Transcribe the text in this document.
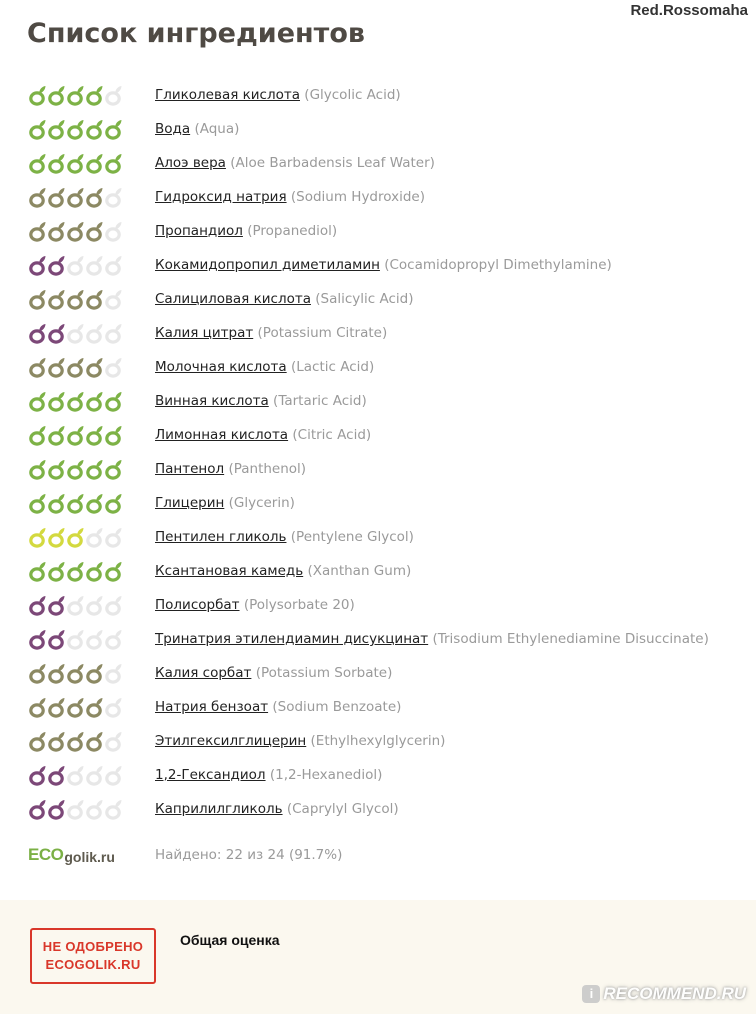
Red.Rossomaha
Список ингредиентов
Гликолевая кислота (Glycolic Acid)
Вода (Aqua)
Алоэ вера (Aloe Barbadensis Leaf Water)
Гидроксид натрия (Sodium Hydroxide)
Пропандиол (Propanediol)
Кокамидопропил диметиламин (Cocamidopropyl Dimethylamine)
Салициловая кислота (Salicylic Acid)
Калия цитрат (Potassium Citrate)
Молочная кислота (Lactic Acid)
Винная кислота (Tartaric Acid)
Лимонная кислота (Citric Acid)
Пантенол (Panthenol)
Глицерин (Glycerin)
Пентилен гликоль (Pentylene Glycol)
Ксантановая камедь (Xanthan Gum)
Полисорбат (Polysorbate 20)
Тринатрия этилендиамин дисукцинат (Trisodium Ethylenediamine Disuccinate)
Калия сорбат (Potassium Sorbate)
Натрия бензоат (Sodium Benzoate)
Этилгексилглицерин (Ethylhexylglycerin)
1,2-Гександиол (1,2-Hexanediol)
Каприлилгликоль (Caprylyl Glycol)
ECO golik.ru	Найдено: 22 из 24 (91.7%)
НЕ ОДОБРЕНО
ECOGOLIK.RU
Общая оценка
i RECOMMEND.RU
